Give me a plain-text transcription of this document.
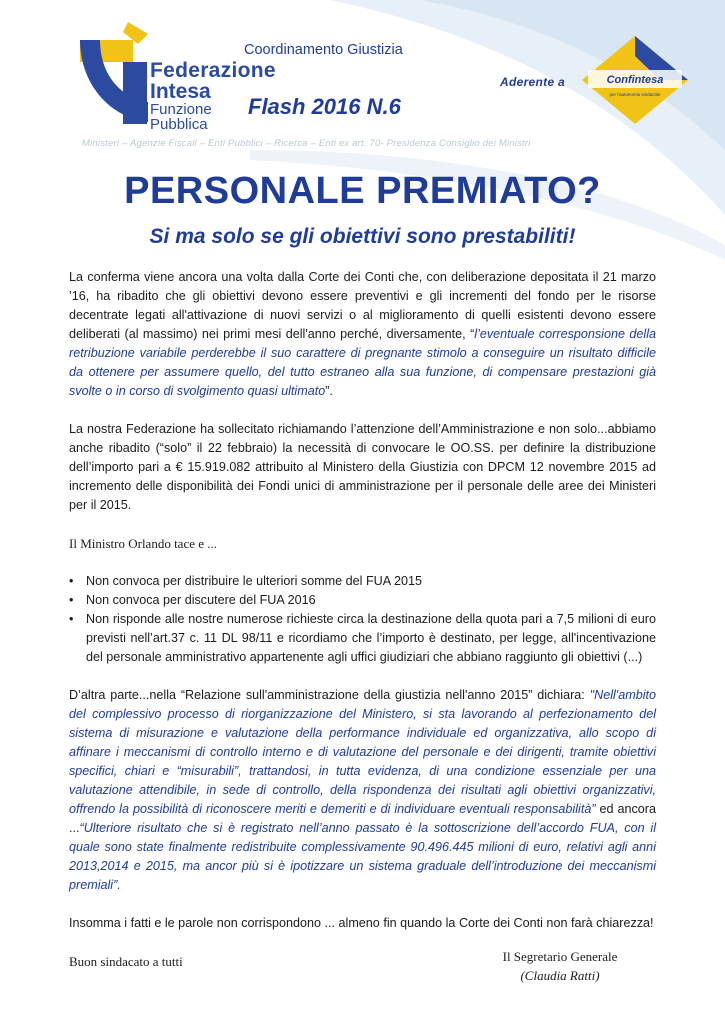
Federazione
Intesa
Funzione
Pubblica
Coordinamento Giustizia
Flash 2016 N.6
Aderente a	Confintesa
per l'autonomia sindacale
Ministeri – Agenzie Fiscali – Enti Pubblici – Ricerca – Enti ex art. 70- Presidenza Consiglio dei Ministri
PERSONALE PREMIATO?
Si ma solo se gli obiettivi sono prestabiliti!

La conferma viene ancora una volta dalla Corte dei Conti che, con deliberazione depositata il 21 marzo ’16, ha ribadito che gli obiettivi devono essere preventivi e gli incrementi del fondo per le risorse decentrate legati all'attivazione di nuovi servizi o al miglioramento di quelli esistenti devono essere deliberati (al massimo) nei primi mesi dell'anno perché, diversamente, “l’eventuale corresponsione della retribuzione variabile perderebbe il suo carattere di pregnante stimolo a conseguire un risultato difficile da ottenere per assumere quello, del tutto estraneo alla sua funzione, di compensare prestazioni già svolte o in corso di svolgimento quasi ultimato”.

La nostra Federazione ha sollecitato richiamando l’attenzione dell’Amministrazione e non solo...abbiamo anche ribadito (“solo” il 22 febbraio) la necessità di convocare le OO.SS. per definire la distribuzione dell’importo pari a € 15.919.082 attribuito al Ministero della Giustizia con DPCM 12 novembre 2015 ad incremento delle disponibilità dei Fondi unici di amministrazione per il personale delle aree dei Ministeri per il 2015.

Il Ministro Orlando tace e ...

• Non convoca per distribuire le ulteriori somme del FUA 2015
• Non convoca per discutere del FUA 2016
• Non risponde alle nostre numerose richieste circa la destinazione della quota pari a 7,5 milioni di euro previsti nell’art.37 c. 11 DL 98/11 e ricordiamo che l’importo è destinato, per legge, all'incentivazione del personale amministrativo appartenente agli uffici giudiziari che abbiano raggiunto gli obiettivi (...)

D’altra parte...nella “Relazione sull'amministrazione della giustizia nell'anno 2015” dichiara: "Nell'ambito del complessivo processo di riorganizzazione del Ministero, si sta lavorando al perfezionamento del sistema di misurazione e valutazione della performance individuale ed organizzativa, allo scopo di affinare i meccanismi di controllo interno e di valutazione del personale e dei dirigenti, tramite obiettivi specifici, chiari e “misurabili”, trattandosi, in tutta evidenza, di una condizione essenziale per una valutazione attendibile, in sede di controllo, della rispondenza dei risultati agli obiettivi organizzativi, offrendo la possibilità di riconoscere meriti e demeriti e di individuare eventuali responsabilità” ed ancora ...“Ulteriore risultato che si è registrato nell’anno passato è la sottoscrizione dell’accordo FUA, con il quale sono state finalmente redistribuite complessivamente 90.496.445 milioni di euro, relativi agli anni 2013,2014 e 2015, ma ancor più si è ipotizzare un sistema graduale dell’introduzione dei meccanismi premiali”.

Insomma i fatti e le parole non corrispondono ... almeno fin quando la Corte dei Conti non farà chiarezza!

Buon sindacato a tutti	Il Segretario Generale
(Claudia Ratti)
